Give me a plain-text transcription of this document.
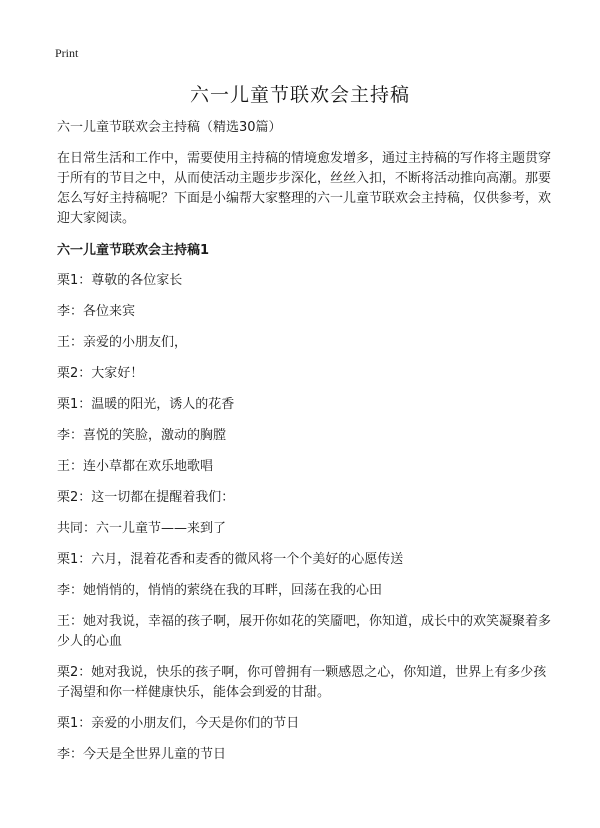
Print
六一儿童节联欢会主持稿

六一儿童节联欢会主持稿（精选30篇）

在日常生活和工作中，需要使用主持稿的情境愈发增多，通过主持稿的写作将主题贯穿于所有的节目之中，从而使活动主题步步深化，丝丝入扣，不断将活动推向高潮。那要怎么写好主持稿呢？下面是小编帮大家整理的六一儿童节联欢会主持稿，仅供参考，欢迎大家阅读。

六一儿童节联欢会主持稿1

栗1：尊敬的各位家长
李：各位来宾
王：亲爱的小朋友们，
栗2：大家好！
栗1：温暖的阳光，诱人的花香
李：喜悦的笑脸，激动的胸膛
王：连小草都在欢乐地歌唱
栗2：这一切都在提醒着我们：
共同：六一儿童节——来到了
栗1：六月，混着花香和麦香的微风将一个个美好的心愿传送
李：她悄悄的，悄悄的萦绕在我的耳畔，回荡在我的心田
王：她对我说，幸福的孩子啊，展开你如花的笑靥吧，你知道，成长中的欢笑凝聚着多少人的心血
栗2：她对我说，快乐的孩子啊，你可曾拥有一颗感恩之心，你知道，世界上有多少孩子渴望和你一样健康快乐，能体会到爱的甘甜。
栗1：亲爱的小朋友们，今天是你们的节日
李：今天是全世界儿童的节日
